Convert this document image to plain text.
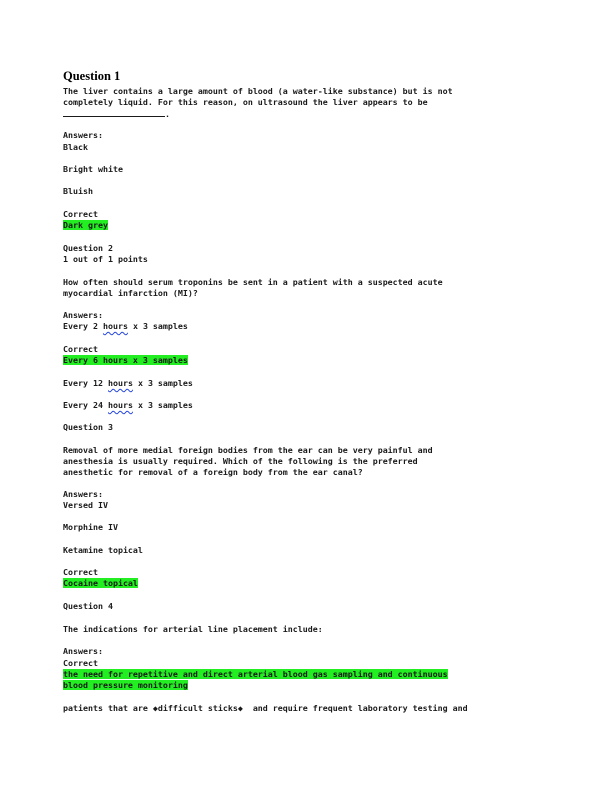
Question 1
The liver contains a large amount of blood (a water-like substance) but is not
completely liquid. For this reason, on ultrasound the liver appears to be
.
Answers:
Black
Bright white
Bluish
Correct
Dark grey
Question 2
1 out of 1 points
How often should serum troponins be sent in a patient with a suspected acute
myocardial infarction (MI)?
Answers:
Every 2 hours x 3 samples
Correct
Every 6 hours x 3 samples
Every 12 hours x 3 samples
Every 24 hours x 3 samples
Question 3
Removal of more medial foreign bodies from the ear can be very painful and
anesthesia is usually required. Which of the following is the preferred
anesthetic for removal of a foreign body from the ear canal?
Answers:
Versed IV
Morphine IV
Ketamine topical
Correct
Cocaine topical
Question 4
The indications for arterial line placement include:
Answers:
Correct
the need for repetitive and direct arterial blood gas sampling and continuous
blood pressure monitoring
patients that are ◆difficult sticks◆  and require frequent laboratory testing and
